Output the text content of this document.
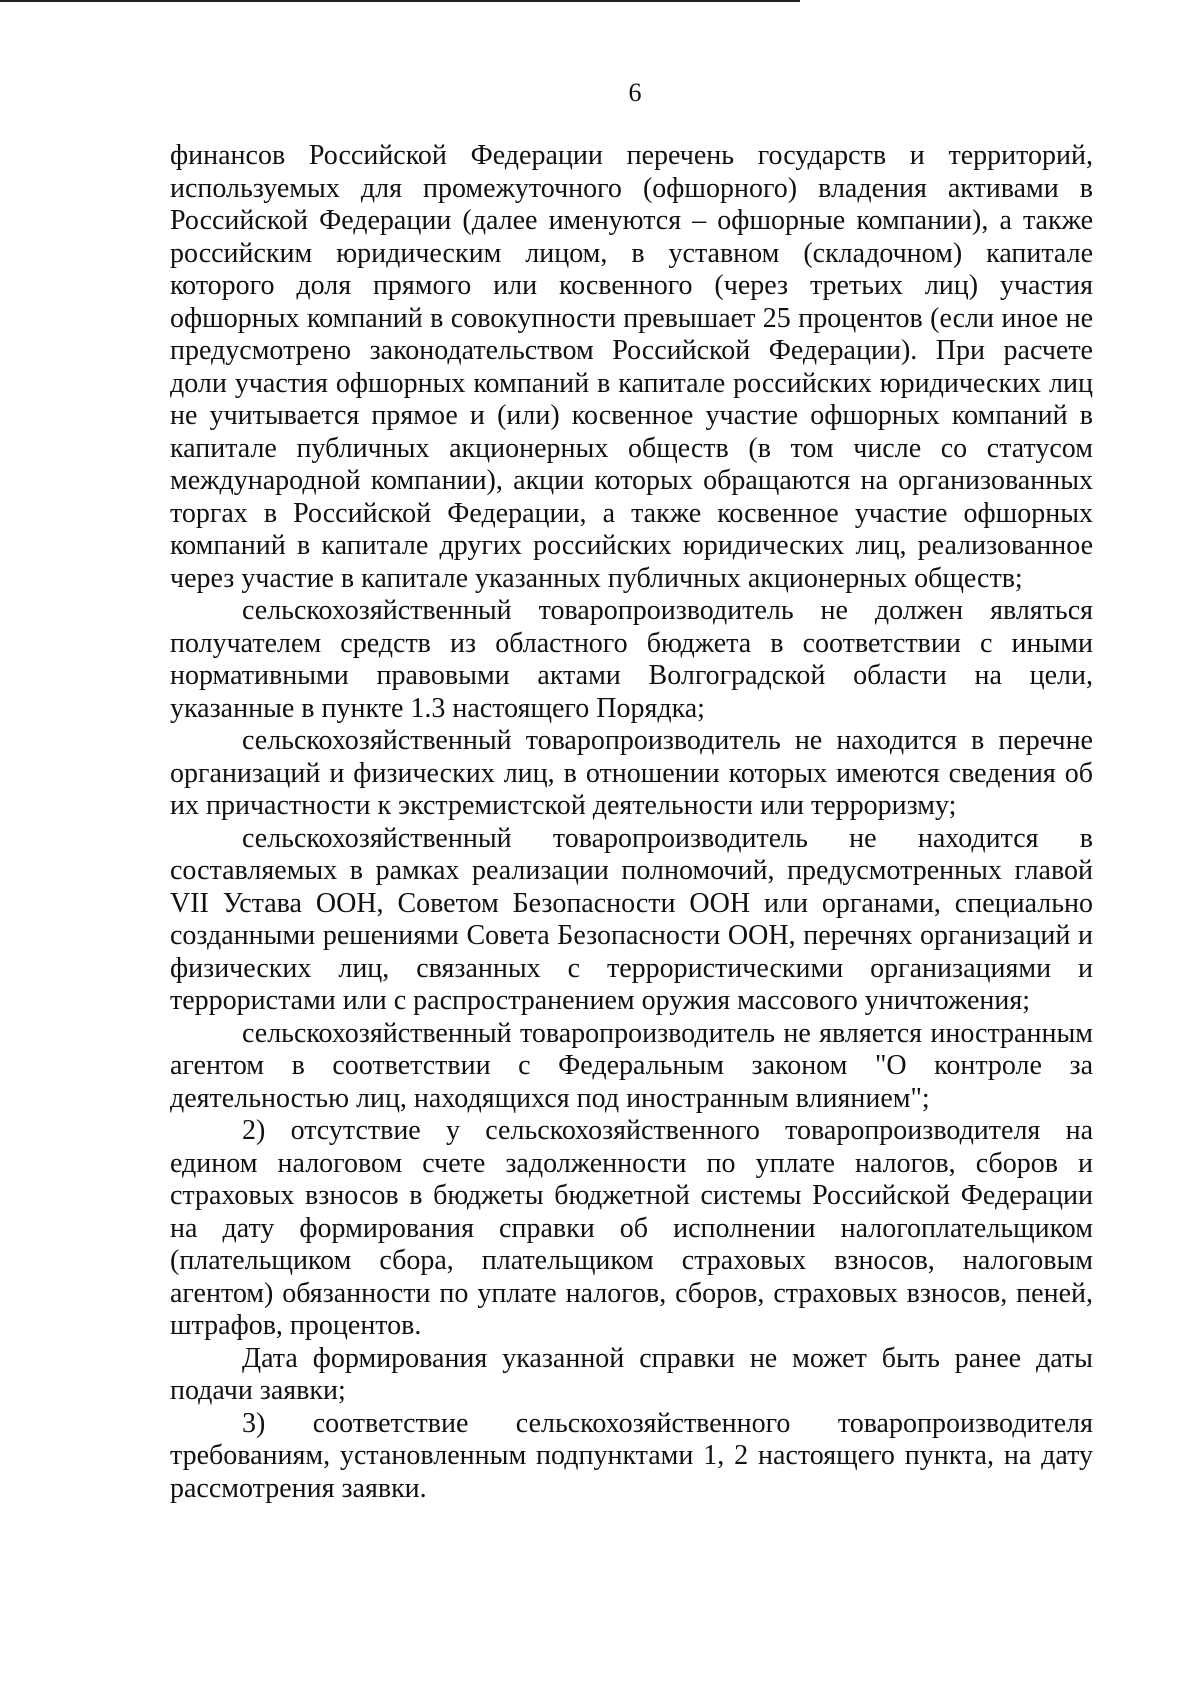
6

финансов Российской Федерации перечень государств и территорий, используемых для промежуточного (офшорного) владения активами в Российской Федерации (далее именуются – офшорные компании), а также российским юридическим лицом, в уставном (складочном) капитале которого доля прямого или косвенного (через третьих лиц) участия офшорных компаний в совокупности превышает 25 процентов (если иное не предусмотрено законодательством Российской Федерации). При расчете доли участия офшорных компаний в капитале российских юридических лиц не учитывается прямое и (или) косвенное участие офшорных компаний в капитале публичных акционерных обществ (в том числе со статусом международной компании), акции которых обращаются на организованных торгах в Российской Федерации, а также косвенное участие офшорных компаний в капитале других российских юридических лиц, реализованное через участие в капитале указанных публичных акционерных обществ;

сельскохозяйственный товаропроизводитель не должен являться получателем средств из областного бюджета в соответствии с иными нормативными правовыми актами Волгоградской области на цели, указанные в пункте 1.3 настоящего Порядка;

сельскохозяйственный товаропроизводитель не находится в перечне организаций и физических лиц, в отношении которых имеются сведения об их причастности к экстремистской деятельности или терроризму;

сельскохозяйственный товаропроизводитель не находится в составляемых в рамках реализации полномочий, предусмотренных главой VII Устава ООН, Советом Безопасности ООН или органами, специально созданными решениями Совета Безопасности ООН, перечнях организаций и физических лиц, связанных с террористическими организациями и террористами или с распространением оружия массового уничтожения;

сельскохозяйственный товаропроизводитель не является иностранным агентом в соответствии с Федеральным законом "О контроле за деятельностью лиц, находящихся под иностранным влиянием";

2) отсутствие у сельскохозяйственного товаропроизводителя на едином налоговом счете задолженности по уплате налогов, сборов и страховых взносов в бюджеты бюджетной системы Российской Федерации на дату формирования справки об исполнении налогоплательщиком (плательщиком сбора, плательщиком страховых взносов, налоговым агентом) обязанности по уплате налогов, сборов, страховых взносов, пеней, штрафов, процентов.

Дата формирования указанной справки не может быть ранее даты подачи заявки;

3) соответствие сельскохозяйственного товаропроизводителя требованиям, установленным подпунктами 1, 2 настоящего пункта, на дату рассмотрения заявки.
